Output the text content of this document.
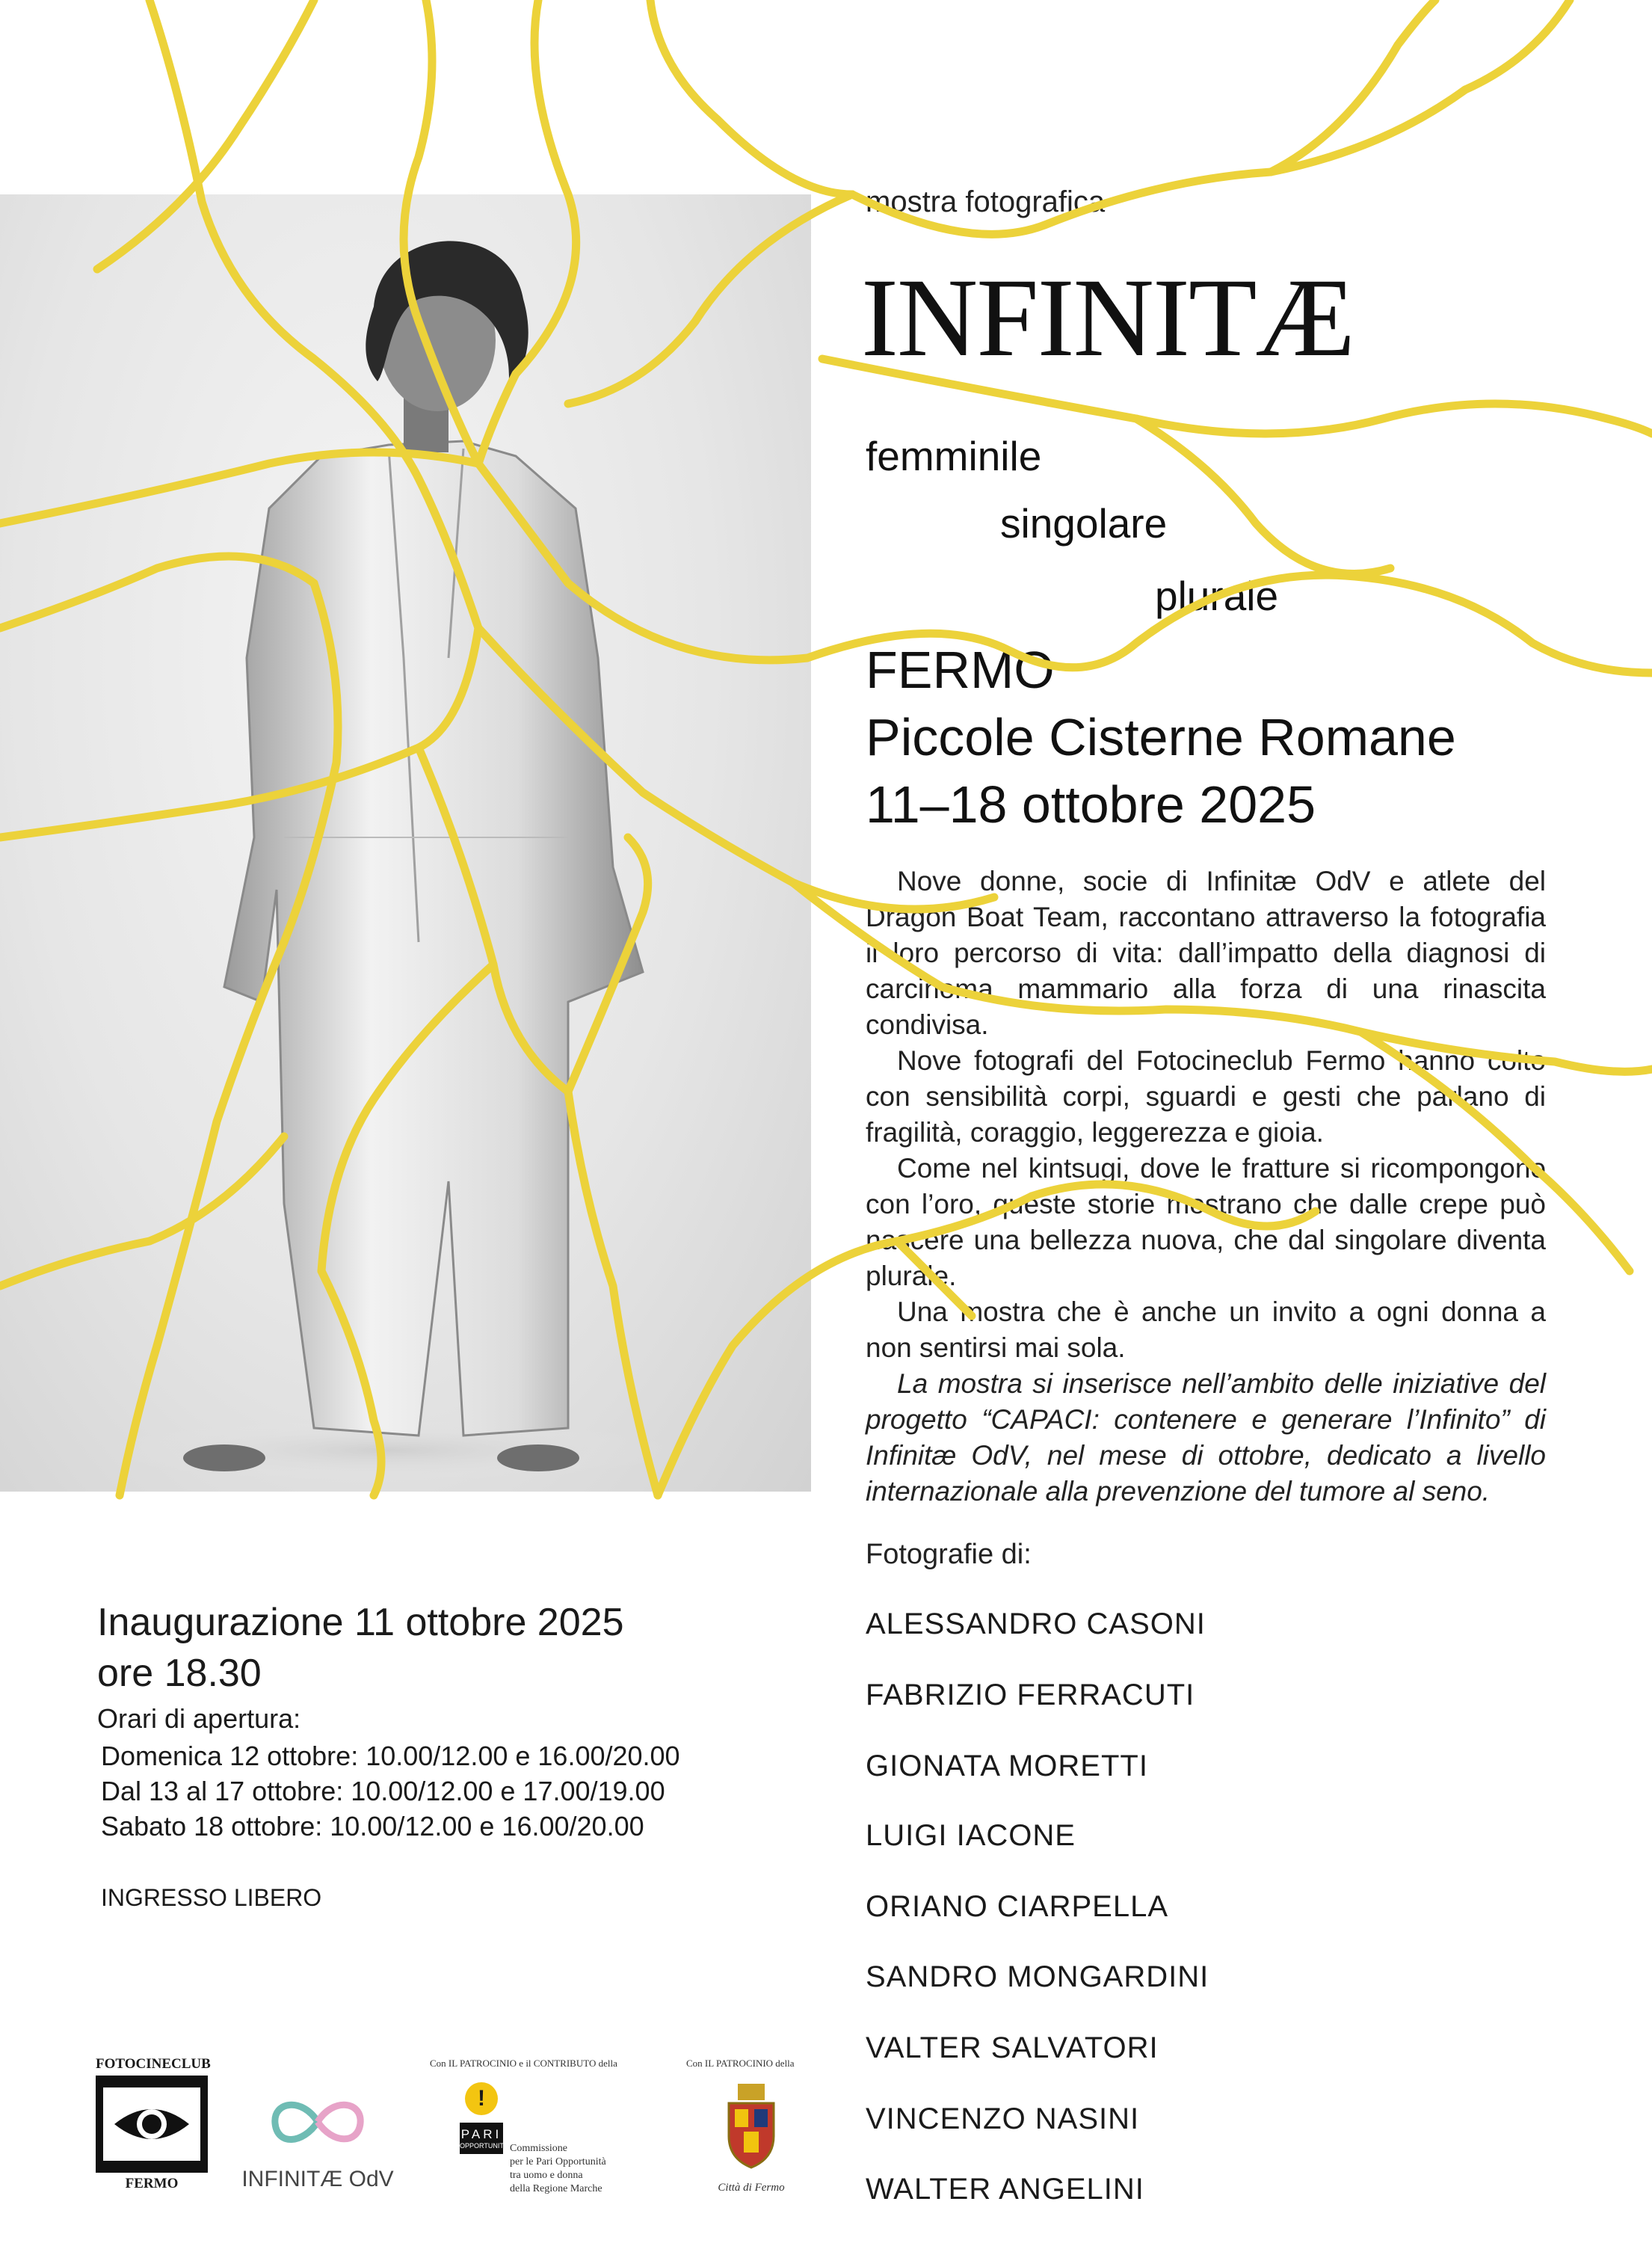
mostra fotografica
INFINITÆ
femminile
singolare
plurale
FERMO
Piccole Cisterne Romane
11–18 ottobre 2025

Nove donne, socie di Infinitæ OdV e atlete del Dragon Boat Team, raccontano attraverso la fotografia il loro percorso di vita: dall’impatto della diagnosi di carcinoma mammario alla forza di una rinascita condivisa.

Nove fotografi del Fotocineclub Fermo hanno colto con sensibilità corpi, sguardi e gesti che parlano di fragilità, coraggio, leggerezza e gioia.

Come nel kintsugi, dove le fratture si ricompongono con l’oro, queste storie mostrano che dalle crepe può nascere una bellezza nuova, che dal singolare diventa plurale.

Una mostra che è anche un invito a ogni donna a non sentirsi mai sola.

La mostra si inserisce nell’ambito delle iniziative del progetto “CAPACI: contenere e generare l’Infinito” di Infinitæ OdV, nel mese di ottobre, dedicato a livello internazionale alla prevenzione del tumore al seno.

Fotografie di:
ALESSANDRO CASONI
FABRIZIO FERRACUTI
GIONATA MORETTI
LUIGI IACONE
ORIANO CIARPELLA
SANDRO MONGARDINI
VALTER SALVATORI
VINCENZO NASINI
WALTER ANGELINI
Inaugurazione 11 ottobre 2025
ore 18.30
Orari di apertura:
Domenica 12 ottobre: 10.00/12.00 e 16.00/20.00
Dal 13 al 17 ottobre: 10.00/12.00 e 17.00/19.00
Sabato 18 ottobre: 10.00/12.00 e 16.00/20.00
INGRESSO LIBERO
FOTOCINECLUB
FERMO	INFINITÆ OdV
Con IL PATROCINIO e il CONTRIBUTO della
!
PARI
OPPORTUNITÀ Commissione
per le Pari Opportunità
tra uomo e donna
della Regione Marche
Con IL PATROCINIO della
Città di Fermo
